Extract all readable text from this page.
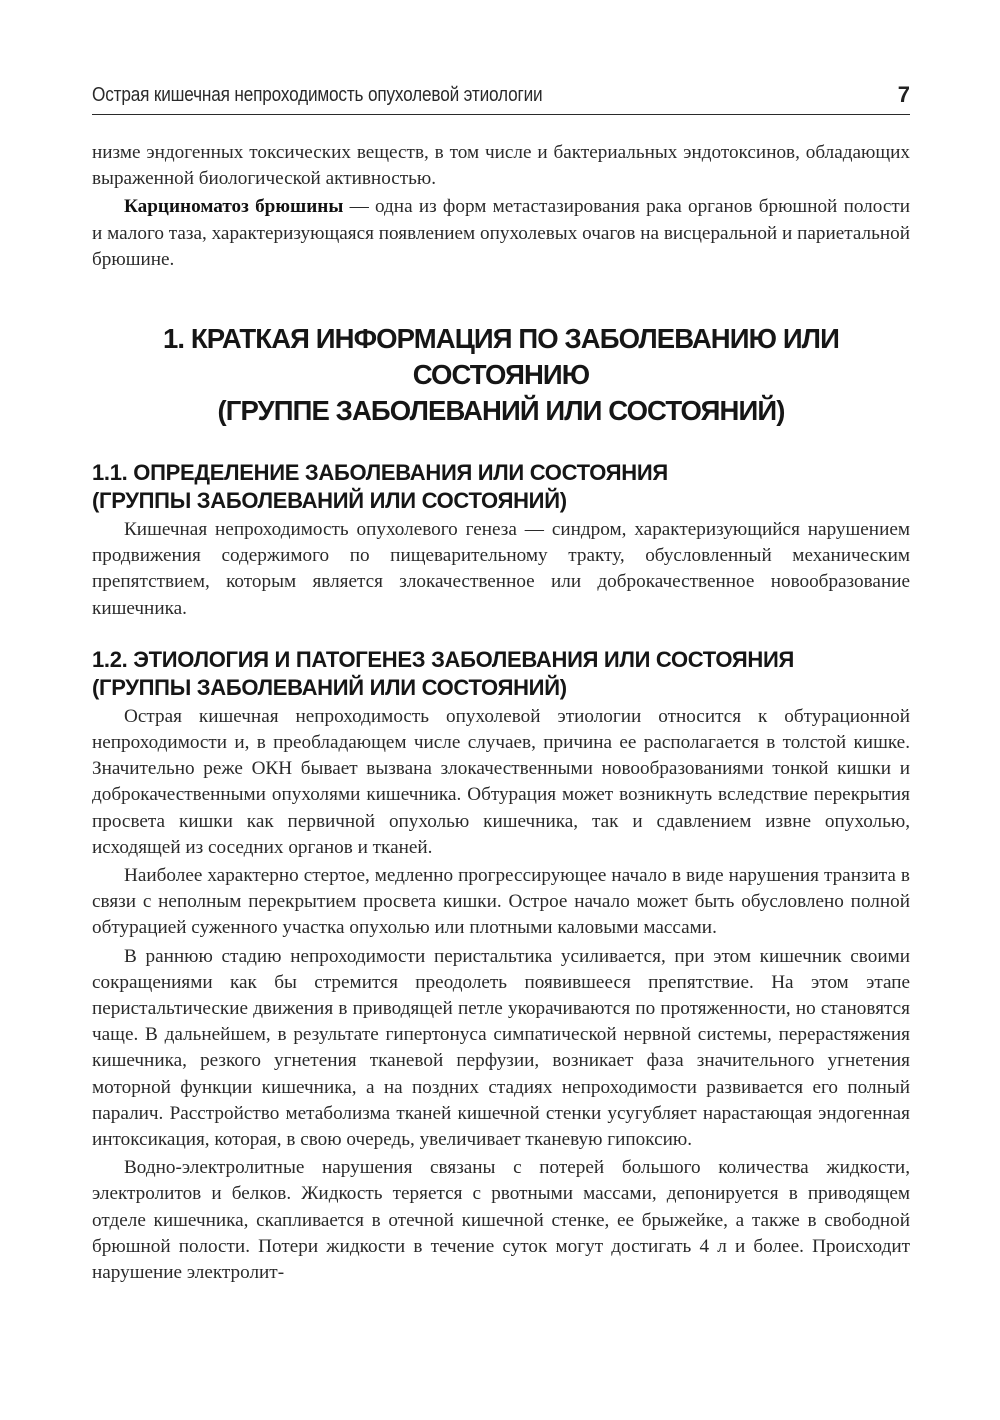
Острая кишечная непроходимость опухолевой этиологии	7

низме эндогенных токсических веществ, в том числе и бактериальных эндотоксинов, обладающих выраженной биологической активностью.

Карциноматоз брюшины — одна из форм метастазирования рака органов брюшной полости и малого таза, характеризующаяся появлением опухолевых очагов на висцеральной и париетальной брюшине.

1. КРАТКАЯ ИНФОРМАЦИЯ ПО ЗАБОЛЕВАНИЮ ИЛИ СОСТОЯНИЮ
(ГРУППЕ ЗАБОЛЕВАНИЙ ИЛИ СОСТОЯНИЙ)
1.1. ОПРЕДЕЛЕНИЕ ЗАБОЛЕВАНИЯ ИЛИ СОСТОЯНИЯ
(ГРУППЫ ЗАБОЛЕВАНИЙ ИЛИ СОСТОЯНИЙ)

Кишечная непроходимость опухолевого генеза — синдром, характеризующийся нарушением продвижения содержимого по пищеварительному тракту, обусловленный механическим препятствием, которым является злокачественное или доброкачественное новообразование кишечника.

1.2. ЭТИОЛОГИЯ И ПАТОГЕНЕЗ ЗАБОЛЕВАНИЯ ИЛИ СОСТОЯНИЯ
(ГРУППЫ ЗАБОЛЕВАНИЙ ИЛИ СОСТОЯНИЙ)

Острая кишечная непроходимость опухолевой этиологии относится к обтурационной непроходимости и, в преобладающем числе случаев, причина ее располагается в толстой кишке. Значительно реже ОКН бывает вызвана злокачественными новообразованиями тонкой кишки и доброкачественными опухолями кишечника. Обтурация может возникнуть вследствие перекрытия просвета кишки как первичной опухолью кишечника, так и сдавлением извне опухолью, исходящей из соседних органов и тканей.

Наиболее характерно стертое, медленно прогрессирующее начало в виде нарушения транзита в связи с неполным перекрытием просвета кишки. Острое начало может быть обусловлено полной обтурацией суженного участка опухолью или плотными каловыми массами.

В раннюю стадию непроходимости перистальтика усиливается, при этом кишечник своими сокращениями как бы стремится преодолеть появившееся препятствие. На этом этапе перистальтические движения в приводящей петле укорачиваются по протяженности, но становятся чаще. В дальнейшем, в результате гипертонуса симпатической нервной системы, перерастяжения кишечника, резкого угнетения тканевой перфузии, возникает фаза значительного угнетения моторной функции кишечника, а на поздних стадиях непроходимости развивается его полный паралич. Расстройство метаболизма тканей кишечной стенки усугубляет нарастающая эндогенная интоксикация, которая, в свою очередь, увеличивает тканевую гипоксию.

Водно-электролитные нарушения связаны с потерей большого количества жидкости, электролитов и белков. Жидкость теряется с рвотными массами, депонируется в приводящем отделе кишечника, скапливается в отечной кишечной стенке, ее брыжейке, а также в свободной брюшной полости. Потери жидкости в течение суток могут достигать 4 л и более. Происходит нарушение электролит-
